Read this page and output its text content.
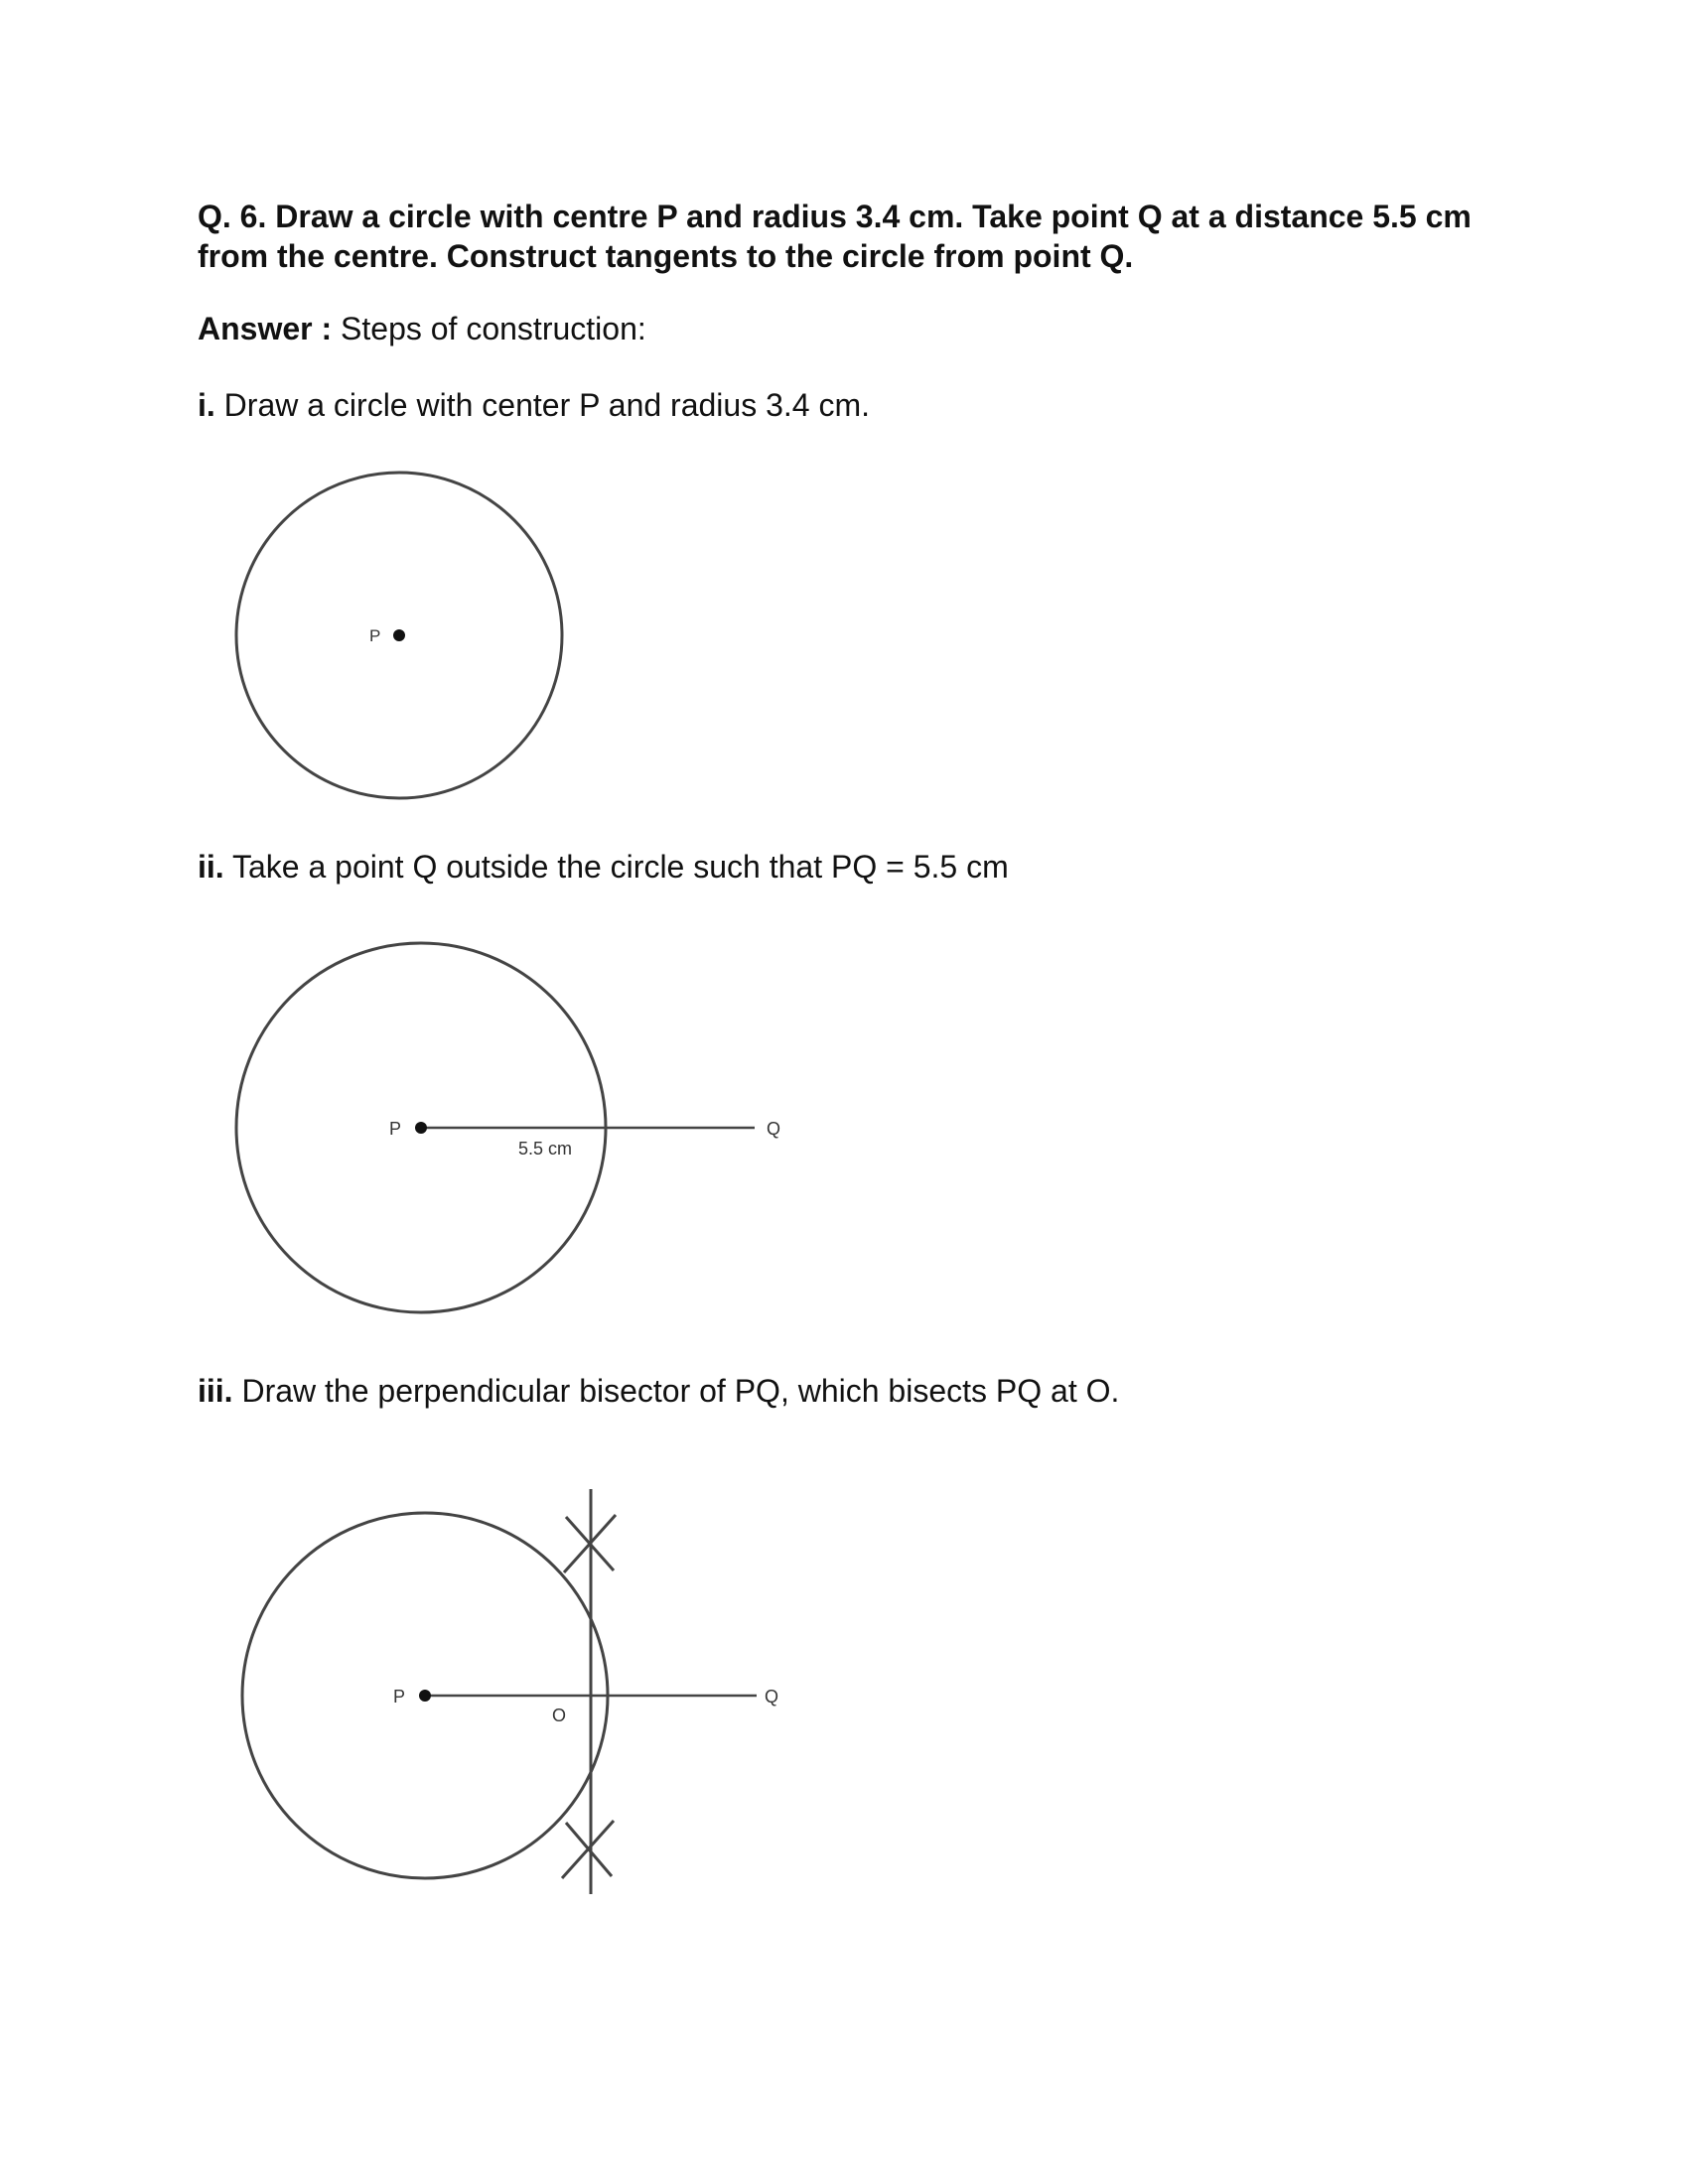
Q. 6. Draw a circle with centre P and radius 3.4 cm. Take point Q at a distance 5.5 cm from the centre. Construct tangents to the circle from point Q.

Answer : Steps of construction:

i. Draw a circle with center P and radius 3.4 cm.

P

ii. Take a point Q outside the circle such that PQ = 5.5 cm

P	Q
5.5 cm

iii. Draw the perpendicular bisector of PQ, which bisects PQ at O.

P	Q
O
